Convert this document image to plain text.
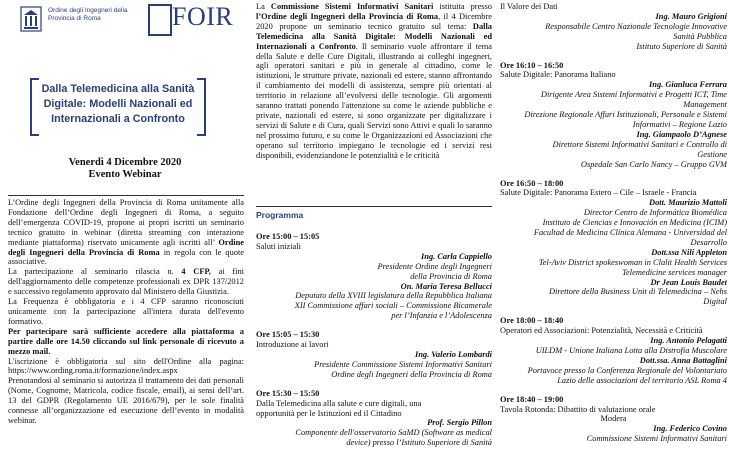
Ordine degli Ingegneri della Provincia di Roma	FOIR
Dalla Telemedicina alla Sanità
Digitale: Modelli Nazionali ed
Internazionali a Confronto
Venerdì 4 Dicembre 2020
Evento Webinar

L’Ordine degli Ingegneri della Provincia di Roma unitamente alla Fondazione dell’Ordine degli Ingegneri di Roma, a seguito dell’emergenza COVID-19, propone ai propri iscritti un seminario tecnico gratuito in webinar (diretta streaming con interazione mediante piattaforma) riservato unicamente agli iscritti all’ Ordine degli Ingegneri della Provincia di Roma in regola con le quote associative.

La partecipazione al seminario rilascia n. 4 CFP, ai fini dell'aggiornamento delle competenze professionali ex DPR 137/2012 e successivo regolamento approvato dal Ministero della Giustizia.

La Frequenza è obbligatoria e i 4 CFP saranno riconosciuti unicamente con la partecipazione all'intera durata dell'evento formativo.

Per partecipare sarà sufficiente accedere alla piattaforma a partire dalle ore 14.50 cliccando sul link personale di ricevuto a mezzo mail.

L'iscrizione è obbligatoria sul sito dell'Ordine alla pagina: https://www.ording.roma.it/formazione/index.aspx

Prenotandosi al seminario si autorizza il trattamento dei dati personali (Nome, Cognome, Matricola, codice fiscale, email), ai sensi dell’art. 13 del GDPR (Regolamento UE 2016/679), per le sole finalità connesse all’organizzazione ed esecuzione dell’evento in modalità webinar.

La Commissione Sistemi Informativi Sanitari istituita presso l’Ordine degli Ingegneri della Provincia di Roma, il 4 Dicembre 2020 propone un seminario tecnico gratuito sul tema: Dalla Telemedicina alla Sanità Digitale: Modelli Nazionali ed Internazionali a Confronto. Il seminario vuole affrontare il tema della Salute e delle Cure Digitali, illustrando ai colleghi ingegneri, agli operatori sanitari e più in generale al cittadino, come le istituzioni, le strutture private, nazionali ed estere, stanno affrontando il cambiamento dei modelli di assistenza, sempre più orientati al territorio in relazione all’evolversi delle tecnologie. Gli argomenti saranno trattati ponendo l'attenzione su come le aziende pubbliche e private, nazionali ed estere, si sono organizzate per digitalizzare i servizi di Salute e di Cura, quali Servizi sono Attivi e quali lo saranno nel prossimo futuro, e su come le Organizzazioni ed Associazioni che operano sul territorio impiegano le tecnologie ed i servizi resi disponibili, evidenziandone le potenzialità e le criticità
Programma
Ore 15:00 – 15:05
Saluti iniziali
Ing. Carla Cappiello
Presidente Ordine degli Ingegneri
della Provincia di Roma
On. Maria Teresa Bellucci
Deputato della XVIII legislatura della Repubblica Italiana
XII Commissione affari sociali – Commissione Bicamerale
per l’Infanzia e l’Adolescenza
Ore 15:05 – 15:30
Introduzione ai lavori
Ing. Valerio Lombardi
Presidente Commissione Sistemi Informativi Sanitari
Ordine degli Ingegneri della Provincia di Roma
Ore 15:30 – 15:50
Dalla Telemedicina alla salute e cure digitali, una
opportunità per le Istituzioni ed il Cittadino
Prof. Sergio Pillon
Componente dell'osservatorio SaMD (Software as medical
device) presso l’Istituto Superiore di Sanità
Il Valore dei Dati
Ing. Mauro Grigioni
Responsabile Centro Nazionale Tecnologie Innovative
Sanità Pubblica
Istituto Superiore di Sanità
Ore 16:10 – 16:50
Salute Digitale: Panorama Italiano
Ing. Gianluca Ferrara
Dirigente Area Sistemi Informativi e Progetti ICT, Time
Management
Direzione Regionale Affari Istituzionali, Personale e Sistemi
Informativi – Regione Lazio
Ing. Giampaolo D’Agnese
Direttore Sistemi Informativi Sanitari e Controllo di
Gestione
Ospedale San Carlo Nancy – Gruppo GVM
Ore 16:50 – 18:00
Salute Digitale: Panorama Estero – Cile – Israele - Francia
Dott. Maurizio Mattoli
Director Centro de Informática Biomédica
Instituto de Ciencias e Innovación en Medicina (ICIM)
Facultad de Medicina Clínica Alemana - Universidad del
Desarrollo
Dott.ssa Nili Appleton
Tel-Aviv District spokeswoman in Clalit Health Services
Telemedicine services manager
Dr Jean Louis Baudet
Direttore della Business Unit di Telemedicina – Nehs
Digital
Ore 18:00 – 18:40
Operatori ed Associazioni: Potenzialità, Necessità e Criticità
Ing. Antonio Pelagatti
UILDM - Unione Italiana Lotta alla Distrofia Muscolare
Dott.ssa. Anna Battaglini
Portavoce presso la Conferenza Regionale del Volontariato
Lazio delle associazioni del territorio ASL Roma 4
Ore 18:40 – 19:00
Tavola Rotonda: Dibattito di valutazione orale
Modera
Ing. Federico Covino
Commissione Sistemi Informativi Sanitari
